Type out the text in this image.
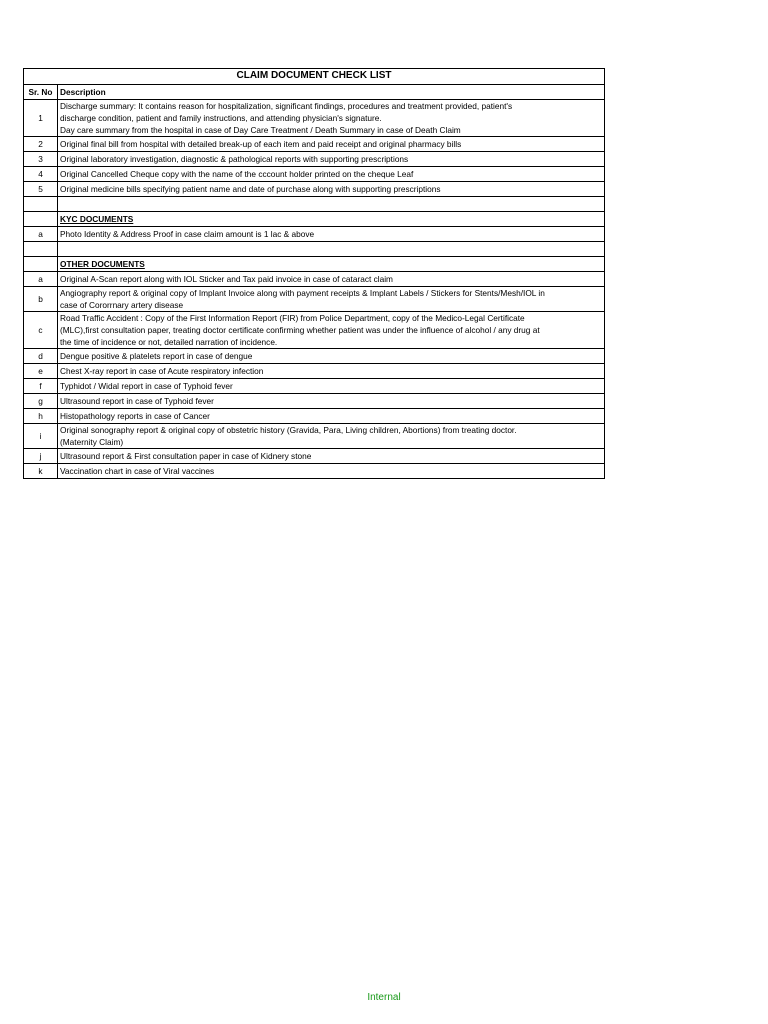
CLAIM DOCUMENT CHECK LIST	
Sr. No	Description
1	Discharge summary: It contains reason for hospitalization, significant findings, procedures and treatment provided, patient's
discharge condition, patient and family instructions, and attending physician's signature.
Day care summary from the hospital in case of Day Care Treatment / Death Summary in case of Death Claim
2	Original final bill from hospital with detailed break-up of each item and paid receipt and original pharmacy bills
3	Original laboratory investigation, diagnostic & pathological reports with supporting prescriptions
4	Original Cancelled Cheque copy with the name of the cccount holder printed on the cheque Leaf
5	Original medicine bills specifying patient name and date of purchase along with supporting prescriptions

	KYC DOCUMENTS
a	Photo Identity & Address Proof in case claim amount is 1 lac & above

	OTHER DOCUMENTS
a	Original A-Scan report along with IOL Sticker and Tax paid invoice in case of cataract claim
b	Angiography report & original copy of Implant Invoice along with payment receipts & Implant Labels / Stickers for Stents/Mesh/IOL in
case of Cororrnary artery disease
c	Road Traffic Accident : Copy of the First Information Report (FIR) from Police Department, copy of the Medico-Legal Certificate
(MLC),first consultation paper, treating doctor certificate confirming whether patient was under the influence of alcohol / any drug at
the time of incidence or not, detailed narration of incidence.
d	Dengue positive & platelets report in case of dengue
e	Chest X-ray report in case of Acute respiratory infection
f	Typhidot / Widal report in case of Typhoid fever
g	Ultrasound report in case of Typhoid fever
h	Histopathology reports in case of Cancer
i	Original sonography report & original copy of obstetric history (Gravida, Para, Living children, Abortions) from treating doctor.
(Maternity Claim)
j	Ultrasound report & First consultation paper in case of Kidnery stone
k	Vaccination chart in case of Viral vaccines
Internal
